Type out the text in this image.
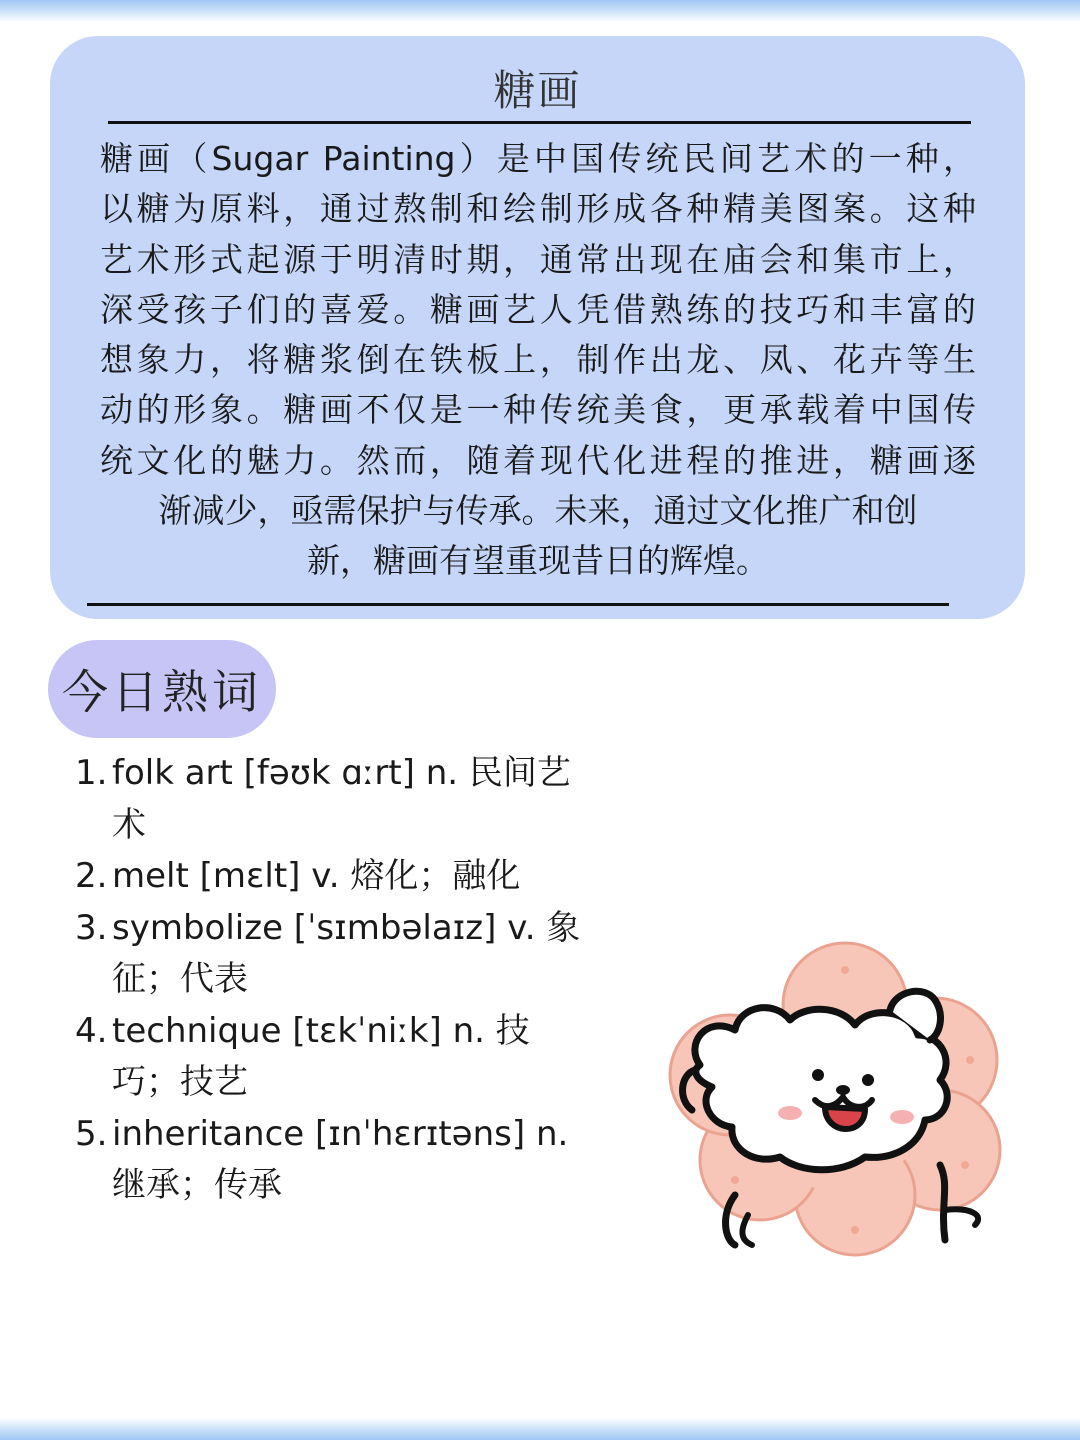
糖画
糖画（Sugar Painting）是中国传统民间艺术的一种，
以糖为原料，通过熬制和绘制形成各种精美图案。这种
艺术形式起源于明清时期，通常出现在庙会和集市上，
深受孩子们的喜爱。糖画艺人凭借熟练的技巧和丰富的
想象力，将糖浆倒在铁板上，制作出龙、凤、花卉等生
动的形象。糖画不仅是一种传统美食，更承载着中国传
统文化的魅力。然而，随着现代化进程的推进，糖画逐
渐减少，亟需保护与传承。未来，通过文化推广和创
新，糖画有望重现昔日的辉煌。
今日熟词
1. folk art [fəʊk ɑːrt] n. 民间艺
术
2. melt [mɛlt] v. 熔化；融化
3. symbolize [ˈsɪmbəlaɪz] v. 象
征；代表
4. technique [tɛkˈniːk] n. 技
巧；技艺
5. inheritance [ɪnˈhɛrɪtəns] n.
继承；传承
